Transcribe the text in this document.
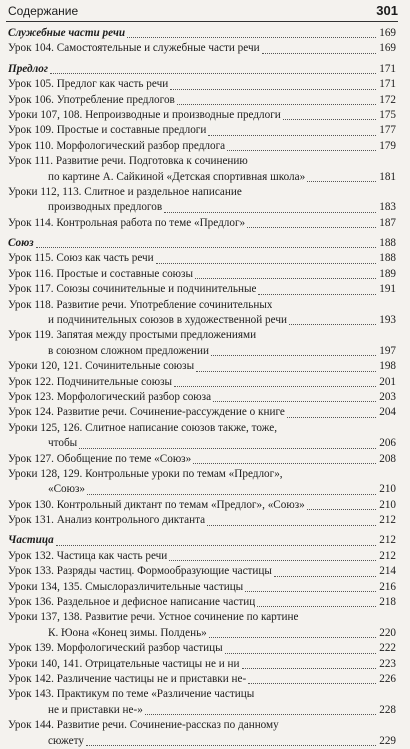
Содержание	301
Служебные части речи	169
Урок 104. Самостоятельные и служебные части речи	169
Предлог	171
Урок 105. Предлог как часть речи	171
Урок 106. Употребление предлогов	172
Уроки 107, 108. Непроизводные и производные предлоги	175
Урок 109. Простые и составные предлоги	177
Урок 110. Морфологический разбор предлога	179
Урок 111. Развитие речи. Подготовка к сочинению
по картине А. Сайкиной «Детская спортивная школа»	181
Уроки 112, 113. Слитное и раздельное написание
производных предлогов	183
Урок 114. Контрольная работа по теме «Предлог»	187
Союз	188
Урок 115. Союз как часть речи	188
Урок 116. Простые и составные союзы	189
Урок 117. Союзы сочинительные и подчинительные	191
Урок 118. Развитие речи. Употребление сочинительных
и подчинительных союзов в художественной речи	193
Урок 119. Запятая между простыми предложениями
в союзном сложном предложении	197
Уроки 120, 121. Сочинительные союзы	198
Урок 122. Подчинительные союзы	201
Урок 123. Морфологический разбор союза	203
Урок 124. Развитие речи. Сочинение-рассуждение о книге	204
Уроки 125, 126. Слитное написание союзов также, тоже,
чтобы	206
Урок 127. Обобщение по теме «Союз»	208
Уроки 128, 129. Контрольные уроки по темам «Предлог»,
«Союз»	210
Урок 130. Контрольный диктант по темам «Предлог», «Союз»	210
Урок 131. Анализ контрольного диктанта	212
Частица	212
Урок 132. Частица как часть речи	212
Урок 133. Разряды частиц. Формообразующие частицы	214
Уроки 134, 135. Смыслоразличительные частицы	216
Урок 136. Раздельное и дефисное написание частиц	218
Уроки 137, 138. Развитие речи. Устное сочинение по картине
К. Юона «Конец зимы. Полдень»	220
Урок 139. Морфологический разбор частицы	222
Уроки 140, 141. Отрицательные частицы не и ни	223
Урок 142. Различение частицы не и приставки не-	226
Урок 143. Практикум по теме «Различение частицы
не и приставки не-»	228
Урок 144. Развитие речи. Сочинение-рассказ по данному
сюжету	229
